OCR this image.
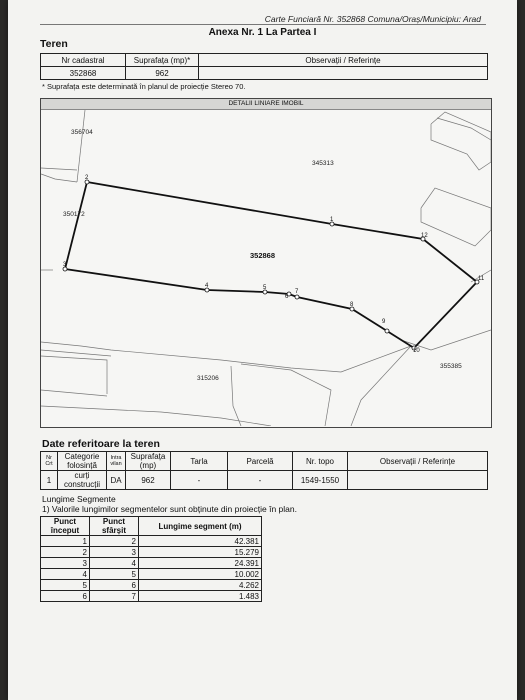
Carte Funciară Nr. 352868 Comuna/Oraș/Municipiu: Arad
Anexa Nr. 1 La Partea I
Teren
Nr cadastral	Suprafața (mp)*	Observații / Referințe
352868	962	
* Suprafața este determinată în planul de proiecție Stereo 70.
DETALII LINIARE IMOBIL
1
2
3
4	5
6
7
8
9
10
11
12
356704
345313
350172
355385
315206
352868
Date referitoare la teren
Nr Crt	Categorie folosință	Intra vilan	Suprafața (mp)	Tarla	Parcelă	Nr. topo	Observații / Referințe
1	curți construcții	DA	962	-	-	1549-1550	
Lungime Segmente
1) Valorile lungimilor segmentelor sunt obținute din proiecție în plan.
Punct început	Punct sfârșit	Lungime segment (m)
1	2	42.381
2	3	15.279
3	4	24.391
4	5	10.002
5	6	4.262
6	7	1.483
